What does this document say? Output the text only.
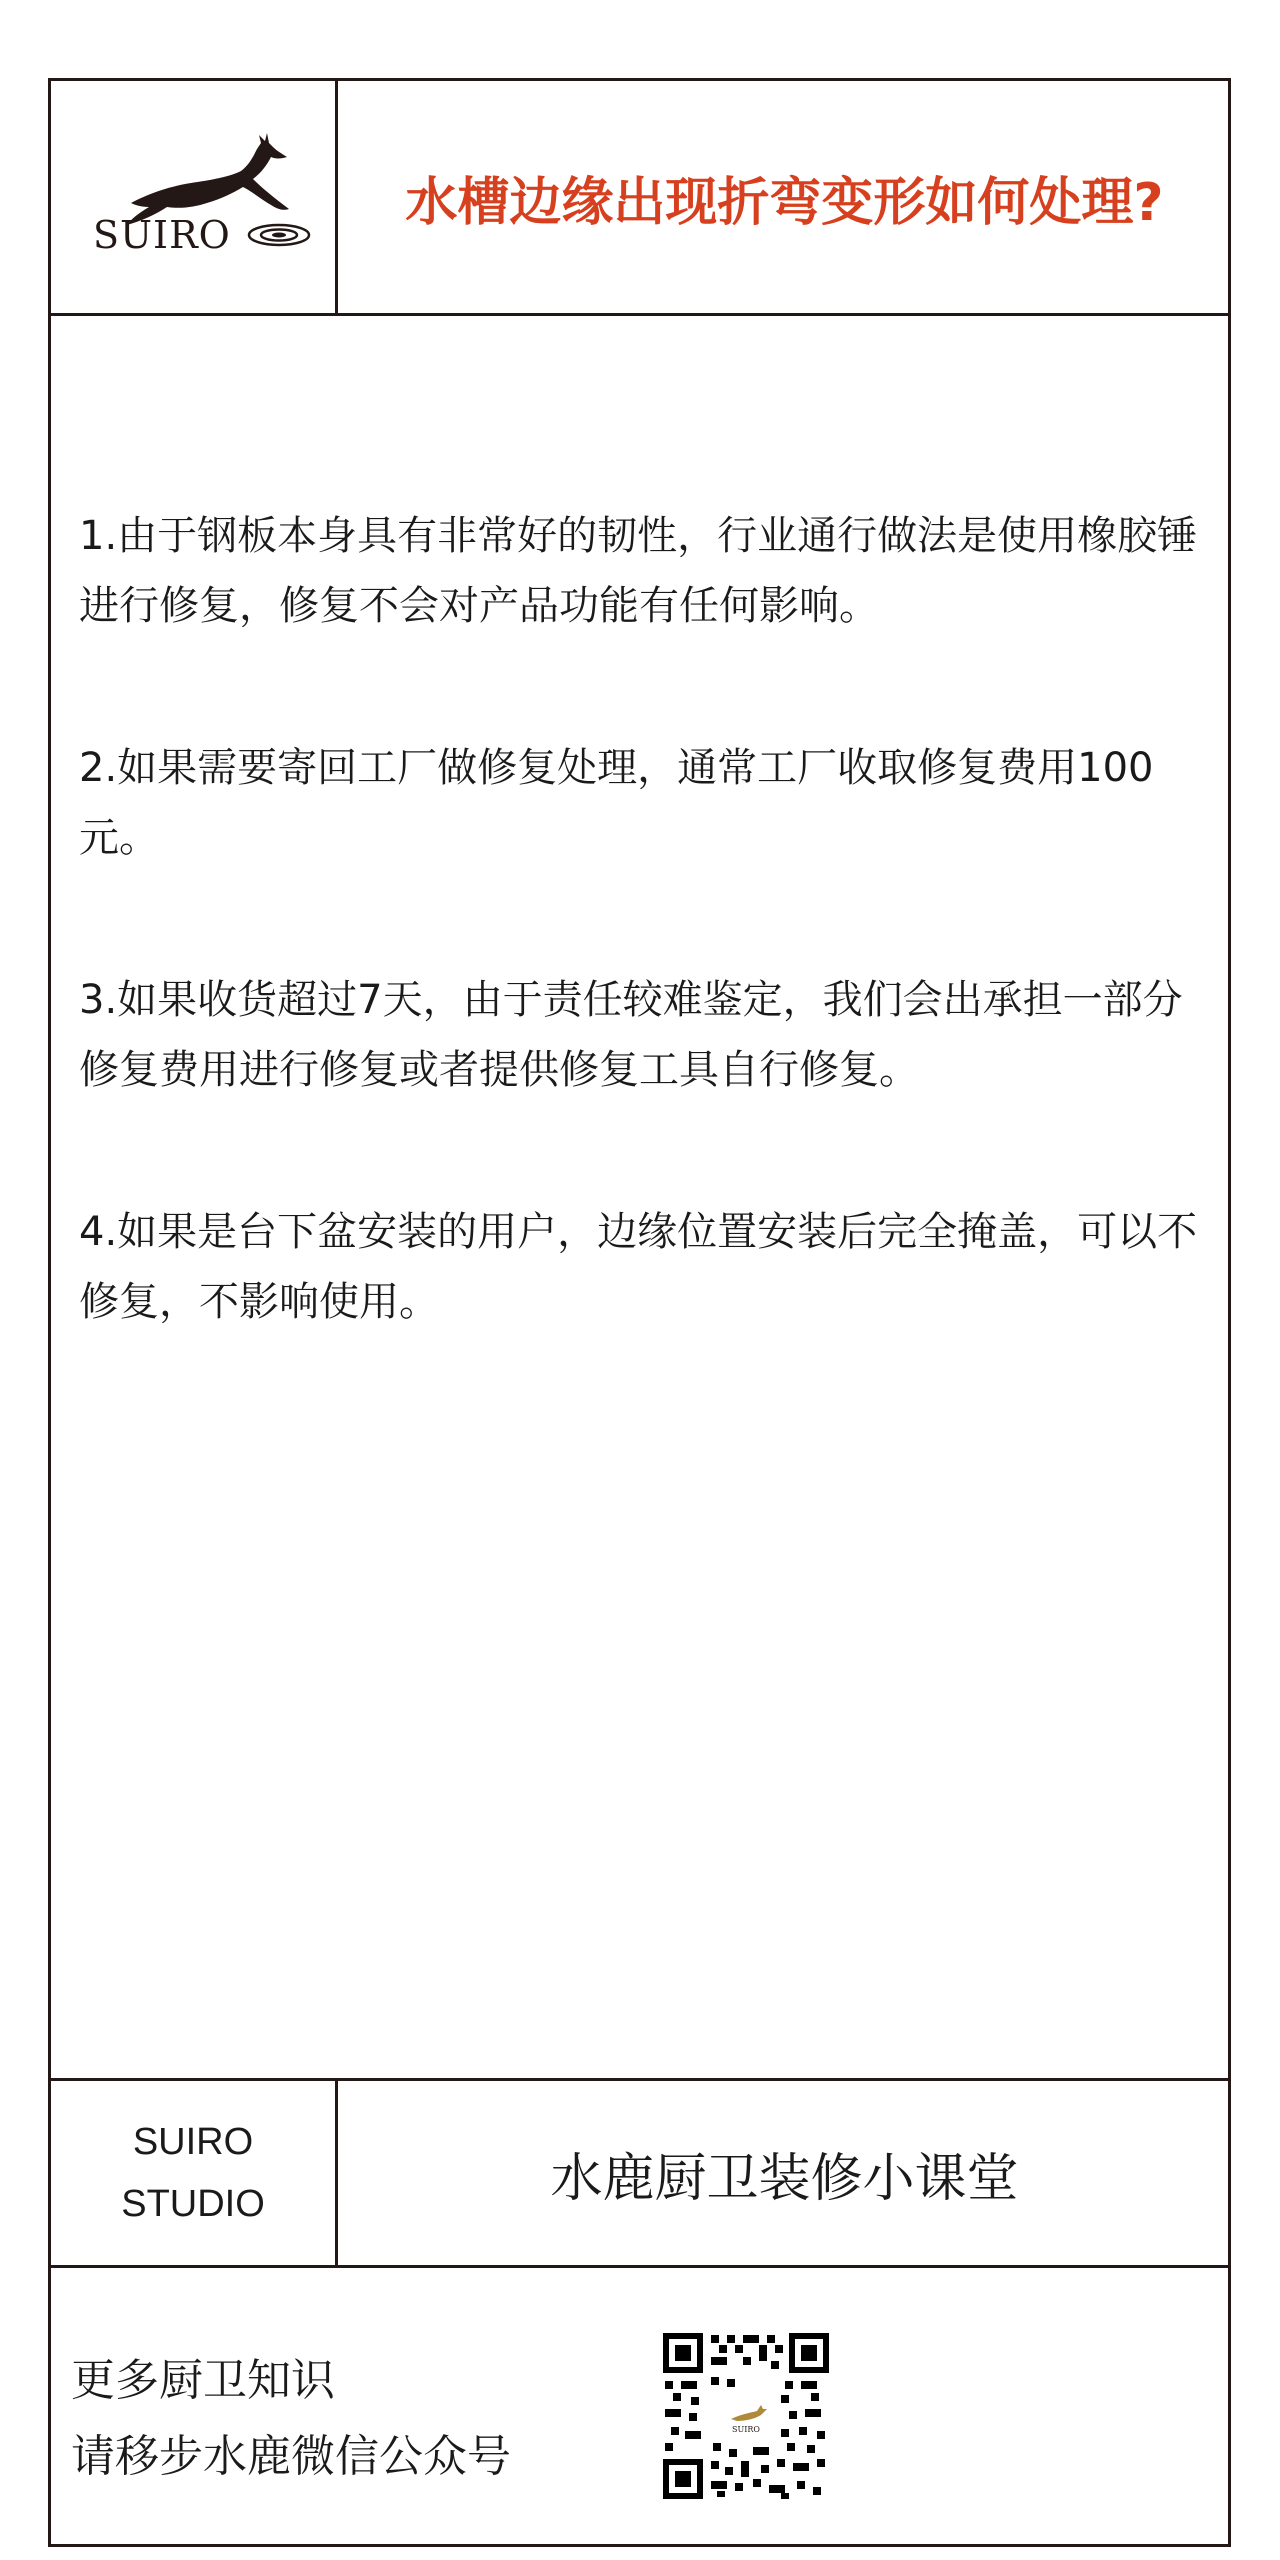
SUIRO
水槽边缘出现折弯变形如何处理?

1.由于钢板本身具有非常好的韧性，行业通行做法是使用橡胶锤进行修复，修复不会对产品功能有任何影响。

2.如果需要寄回工厂做修复处理，通常工厂收取修复费用100元。

3.如果收货超过7天，由于责任较难鉴定，我们会出承担一部分修复费用进行修复或者提供修复工具自行修复。

4.如果是台下盆安装的用户，边缘位置安装后完全掩盖，可以不修复，不影响使用。

SUIRO
STUDIO	水鹿厨卫装修小课堂
更多厨卫知识
请移步水鹿微信公众号
SUIRO
